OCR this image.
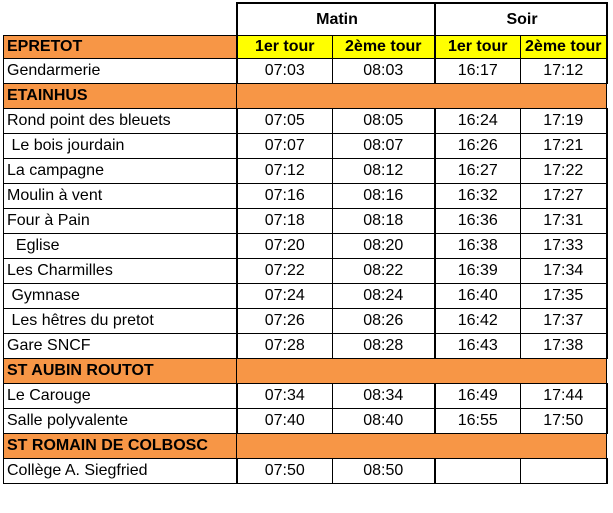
	Matin		Soir	
EPRETOT	1er tour	2ème tour	1er tour	2ème tour
Gendarmerie	07:03	08:03	16:17	17:12
ETAINHUS				
Rond point des bleuets	07:05	08:05	16:24	17:19
Le bois jourdain	07:07	08:07	16:26	17:21
La campagne	07:12	08:12	16:27	17:22
Moulin à vent	07:16	08:16	16:32	17:27
Four à Pain	07:18	08:18	16:36	17:31
Eglise	07:20	08:20	16:38	17:33
Les Charmilles	07:22	08:22	16:39	17:34
Gymnase	07:24	08:24	16:40	17:35
Les hêtres du pretot	07:26	08:26	16:42	17:37
Gare SNCF	07:28	08:28	16:43	17:38
ST AUBIN ROUTOT				
Le Carouge	07:34	08:34	16:49	17:44
Salle polyvalente	07:40	08:40	16:55	17:50
ST ROMAIN DE COLBOSC				
Collège A. Siegfried	07:50	08:50		
